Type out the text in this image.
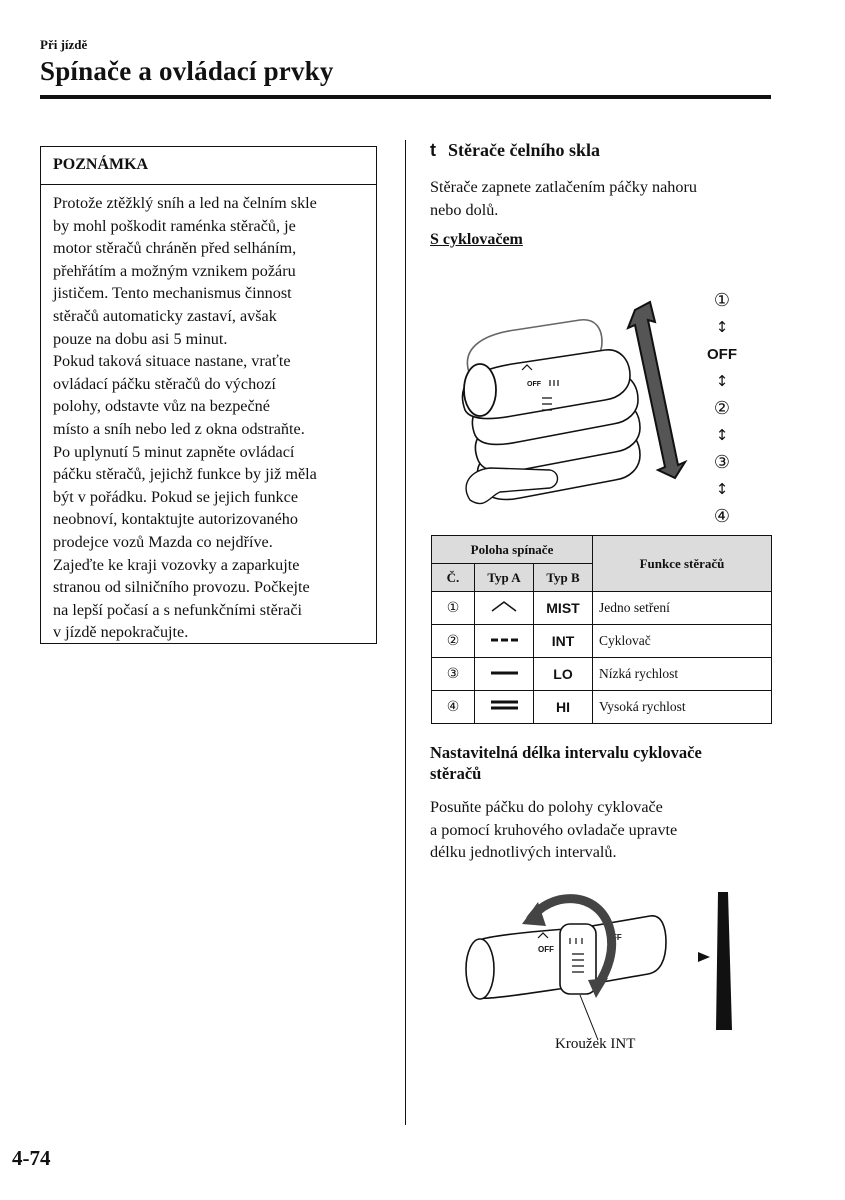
Při jízdě
Spínače a ovládací prvky
POZNÁMKA

Protože ztěžklý sníh a led na čelním skle

by mohl poškodit raménka stěračů, je

motor stěračů chráněn před selháním,

přehřátím a možným vznikem požáru

jističem. Tento mechanismus činnost

stěračů automaticky zastaví, avšak

pouze na dobu asi 5 minut.

Pokud taková situace nastane, vraťte

ovládací páčku stěračů do výchozí

polohy, odstavte vůz na bezpečné

místo a sníh nebo led z okna odstraňte.

Po uplynutí 5 minut zapněte ovládací

páčku stěračů, jejichž funkce by již měla

být v pořádku. Pokud se jejich funkce

neobnoví, kontaktujte autorizovaného

prodejce vozů Mazda co nejdříve.

Zajeďte ke kraji vozovky a zaparkujte

stranou od silničního provozu. Počkejte

na lepší počasí a s nefunkčními stěrači

v jízdě nepokračujte.

t Stěrače čelního skla
Stěrače zapnete zatlačením páčky nahoru
nebo dolů.
S cyklovačem
OFF
①
↕
OFF
↕
②
↕
③
↕
④
Poloha spínače			Funkce stěračů
Č.	Typ A	Typ B	
①		MIST	Jedno setření
②		INT	Cyklovač
③		LO	Nízká rychlost
④		HI	Vysoká rychlost
Nastavitelná délka intervalu cyklovače
stěračů
Posuňte páčku do polohy cyklovače
a pomocí kruhového ovladače upravte
délku jednotlivých intervalů.
OFF
FF
Kroužek INT
4-74
